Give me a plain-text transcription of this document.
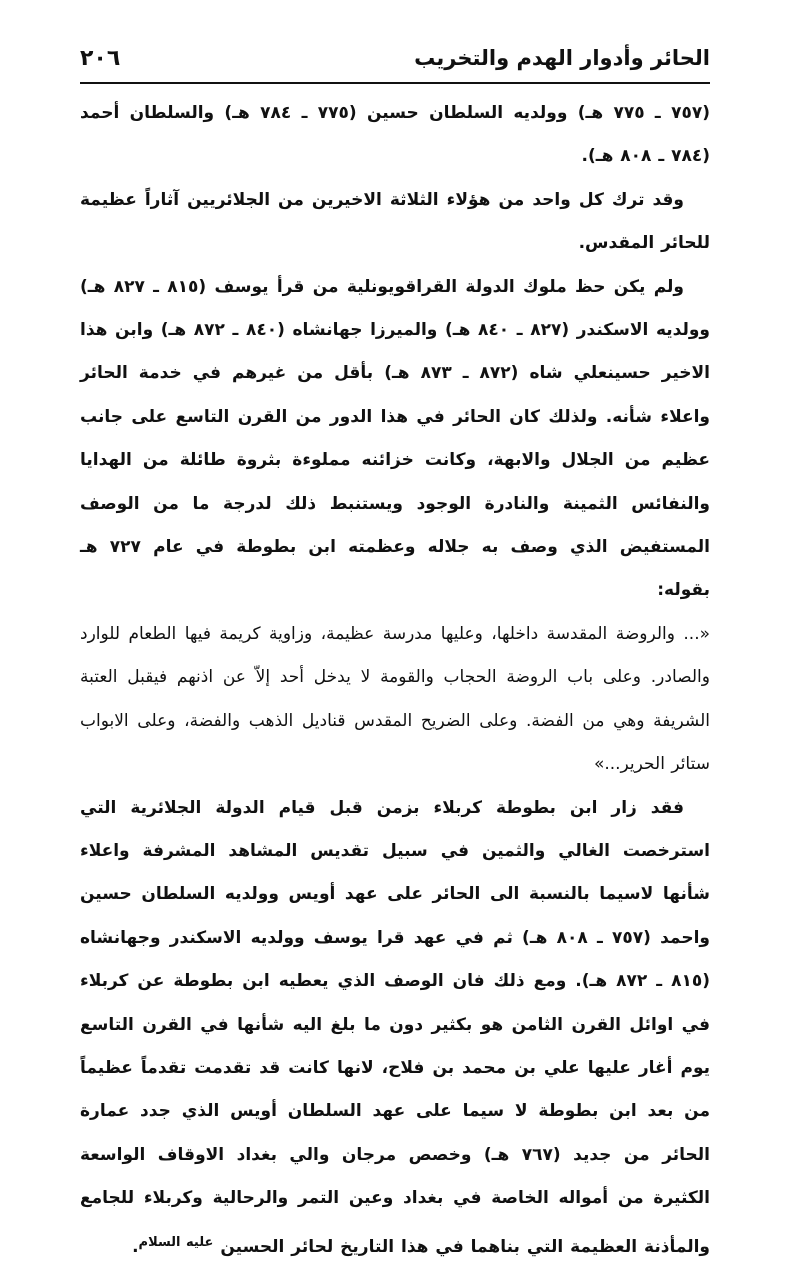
الحائر وأدوار الهدم والتخريب
٢٠٦

(٧٥٧ ـ ٧٧٥ هـ) وولديه السلطان حسين (٧٧٥ ـ ٧٨٤ هـ) والسلطان أحمد (٧٨٤ ـ ٨٠٨ هـ).

وقد ترك كل واحد من هؤلاء الثلاثة الاخيرين من الجلائريين آثاراً عظيمة للحائر المقدس.

ولم يكن حظ ملوك الدولة القراقويونلية من قرأ يوسف (٨١٥ ـ ٨٢٧ هـ) وولديه الاسكندر (٨٢٧ ـ ٨٤٠ هـ) والميرزا جهانشاه (٨٤٠ ـ ٨٧٢ هـ) وابن هذا الاخير حسينعلي شاه (٨٧٢ ـ ٨٧٣ هـ) بأقل من غيرهم في خدمة الحائر واعلاء شأنه. ولذلك كان الحائر في هذا الدور من القرن التاسع على جانب عظيم من الجلال والابهة، وكانت خزائنه مملوءة بثروة طائلة من الهدايا والنفائس الثمينة والنادرة الوجود ويستنبط ذلك لدرجة ما من الوصف المستفيض الذي وصف به جلاله وعظمته ابن بطوطة في عام ٧٢٧ هـ بقوله:

«... والروضة المقدسة داخلها، وعليها مدرسة عظيمة، وزاوية كريمة فيها الطعام للوارد والصادر. وعلى باب الروضة الحجاب والقومة لا يدخل أحد إلاّ عن اذنهم فيقبل العتبة الشريفة وهي من الفضة. وعلى الضريح المقدس قناديل الذهب والفضة، وعلى الابواب ستائر الحرير...»

فقد زار ابن بطوطة كربلاء بزمن قبل قيام الدولة الجلائرية التي استرخصت الغالي والثمين في سبيل تقديس المشاهد المشرفة واعلاء شأنها لاسيما بالنسبة الى الحائر على عهد أويس وولديه السلطان حسين واحمد (٧٥٧ ـ ٨٠٨ هـ) ثم في عهد قرا يوسف وولديه الاسكندر وجهانشاه (٨١٥ ـ ٨٧٢ هـ). ومع ذلك فان الوصف الذي يعطيه ابن بطوطة عن كربلاء في اوائل القرن الثامن هو بكثير دون ما بلغ اليه شأنها في القرن التاسع يوم أغار عليها علي بن محمد بن فلاح، لانها كانت قد تقدمت تقدماً عظيماً من بعد ابن بطوطة لا سيما على عهد السلطان أويس الذي جدد عمارة الحائر من جديد (٧٦٧ هـ) وخصص مرجان والي بغداد الاوقاف الواسعة الكثيرة من أمواله الخاصة في بغداد وعين التمر والرحالية وكربلاء للجامع والمأذنة العظيمة التي بناهما في هذا التاريخ لحائر الحسين $^{عليه السلام}$.
